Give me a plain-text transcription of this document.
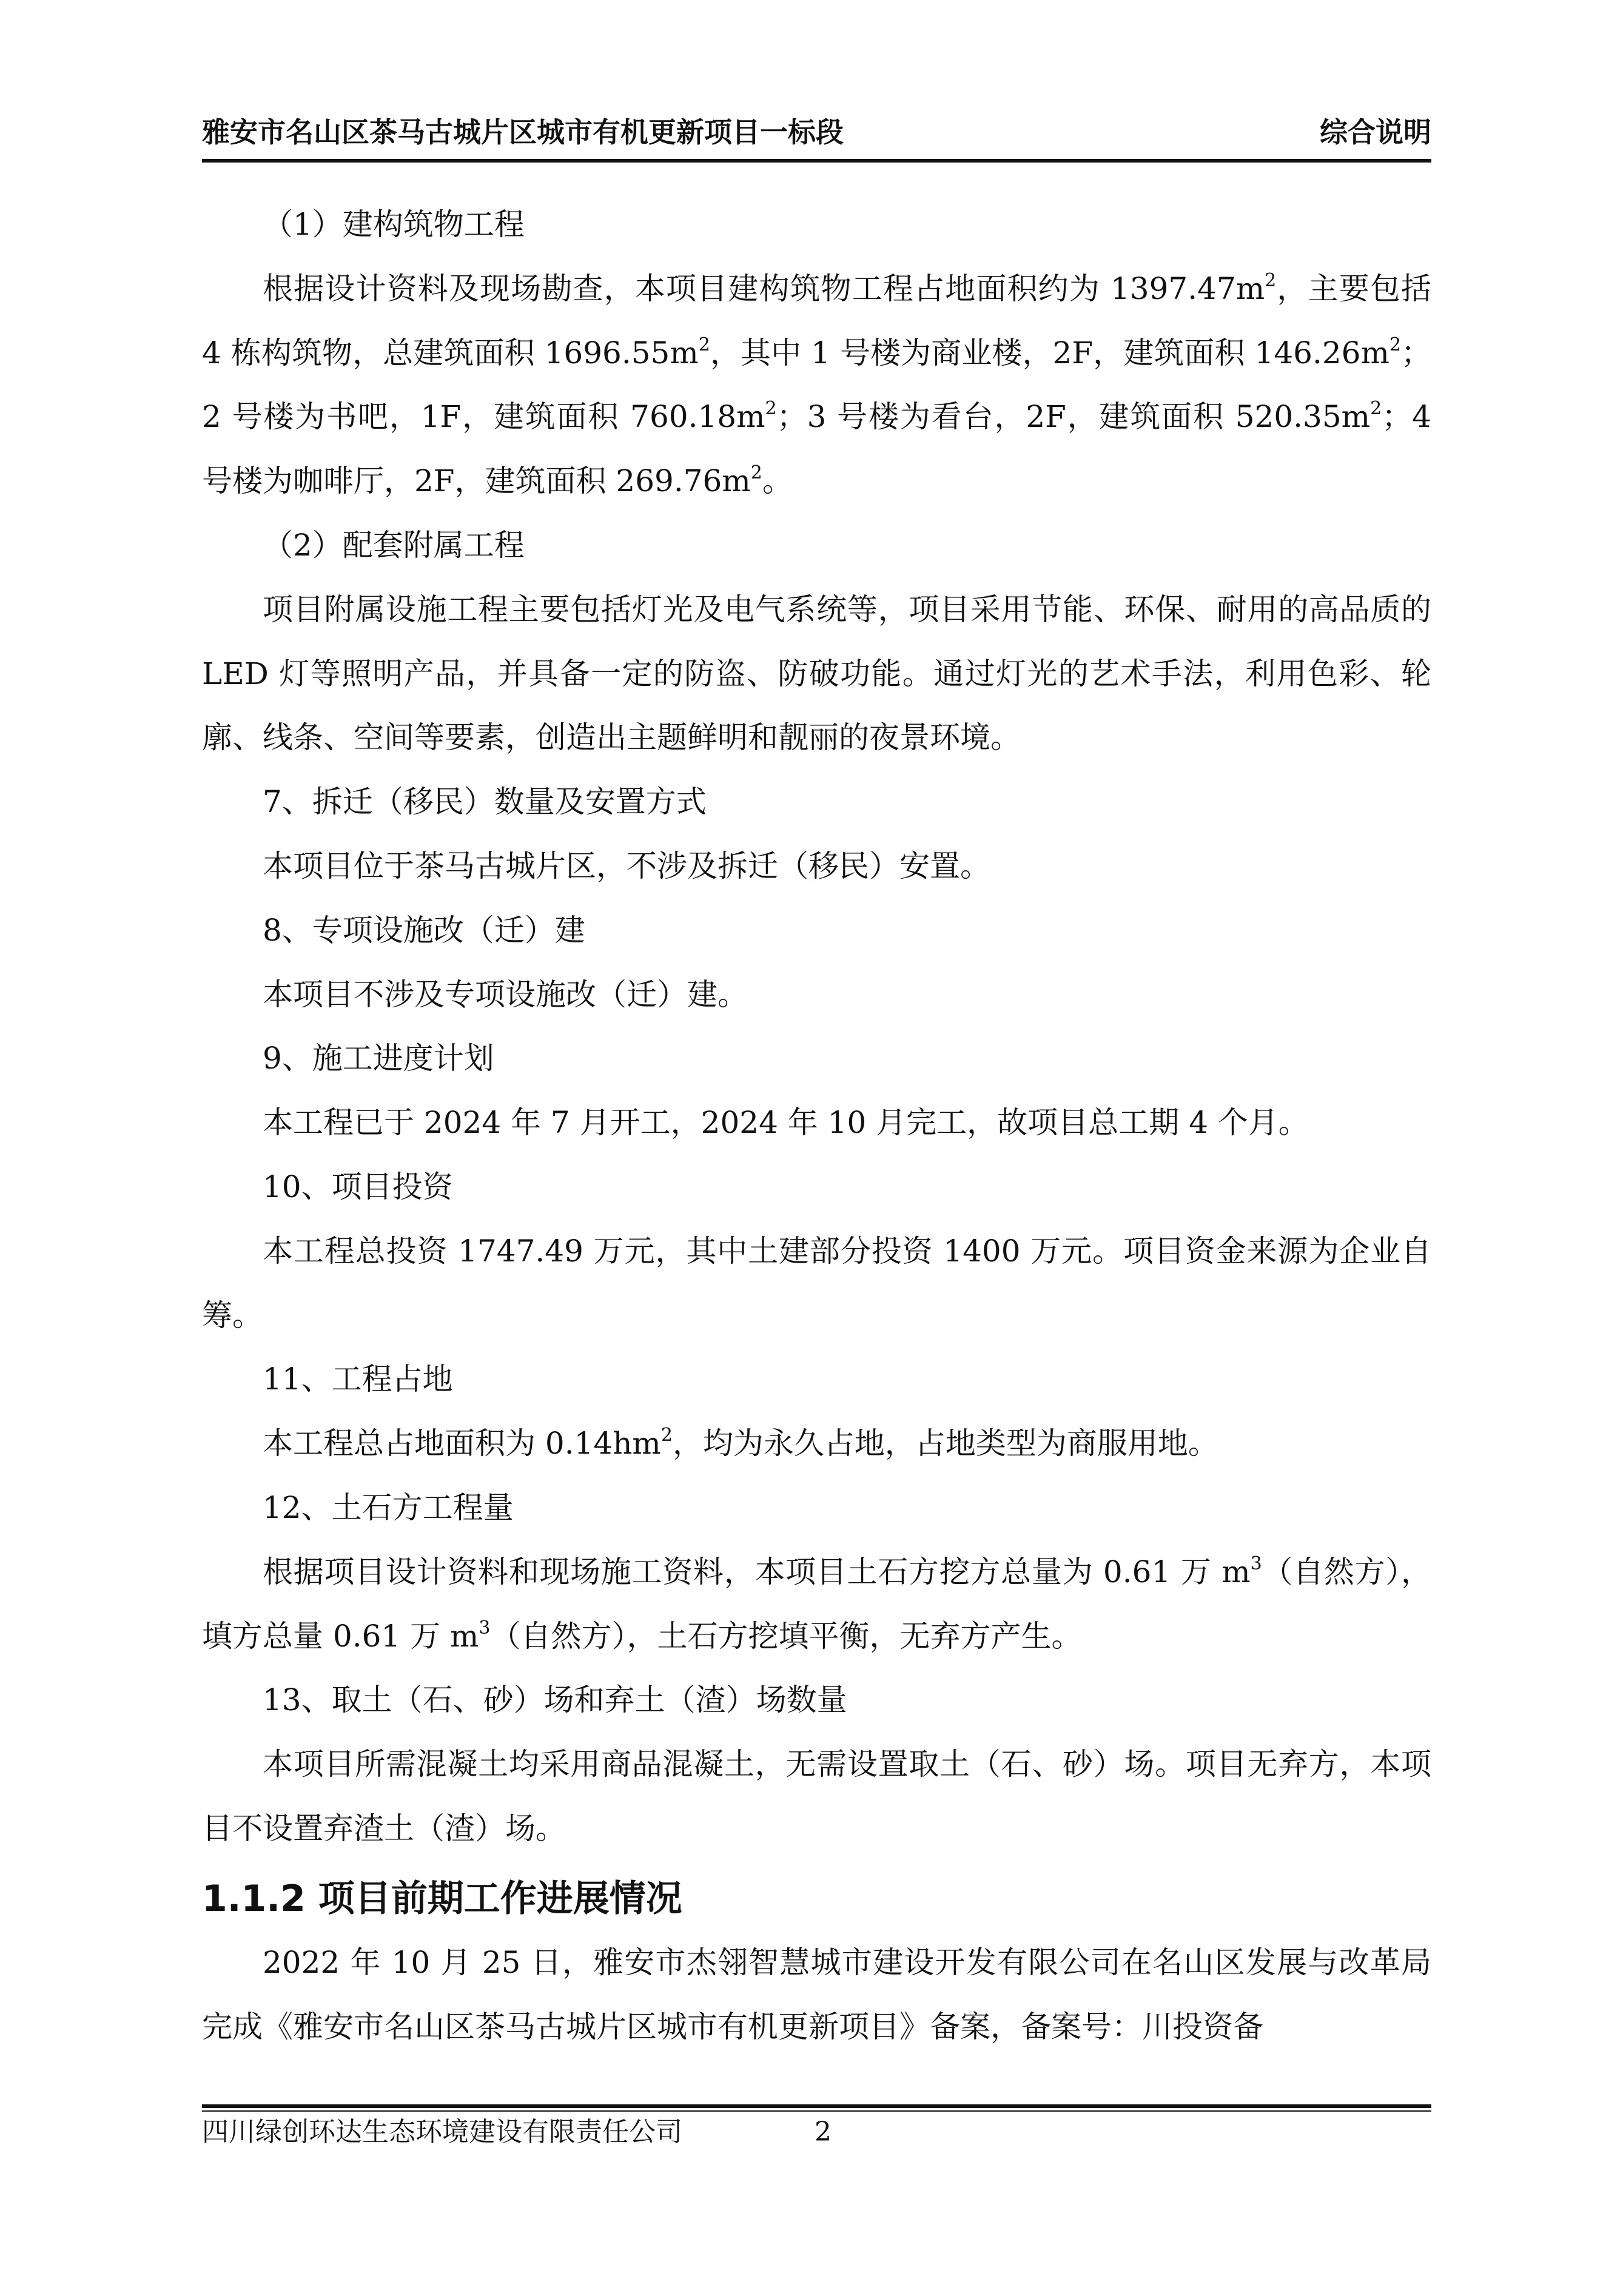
雅安市名山区茶马古城片区城市有机更新项目一标段	综合说明

（1）建构筑物工程

根据设计资料及现场勘查，本项目建构筑物工程占地面积约为 $1397.47m^2$，主要包括 4 栋构筑物，总建筑面积 $1696.55m^2$，其中 1 号楼为商业楼，2F，建筑面积 $146.26m^2$；2 号楼为书吧，1F，建筑面积 $760.18m^2$；3 号楼为看台，2F，建筑面积 $520.35m^2$；4 号楼为咖啡厅，2F，建筑面积 $269.76m^2$。

（2）配套附属工程

项目附属设施工程主要包括灯光及电气系统等，项目采用节能、环保、耐用的高品质的 LED 灯等照明产品，并具备一定的防盗、防破功能。通过灯光的艺术手法，利用色彩、轮廓、线条、空间等要素，创造出主题鲜明和靓丽的夜景环境。

7、拆迁（移民）数量及安置方式

本项目位于茶马古城片区，不涉及拆迁（移民）安置。

8、专项设施改（迁）建

本项目不涉及专项设施改（迁）建。

9、施工进度计划

本工程已于 2024 年 7 月开工，2024 年 10 月完工，故项目总工期 4 个月。

10、项目投资

本工程总投资 1747.49 万元，其中土建部分投资 1400 万元。项目资金来源为企业自筹。

11、工程占地

本工程总占地面积为 $0.14hm^2$，均为永久占地，占地类型为商服用地。

12、土石方工程量

根据项目设计资料和现场施工资料，本项目土石方挖方总量为 0.61 万 $m^3$（自然方），填方总量 0.61 万 $m^3$（自然方），土石方挖填平衡，无弃方产生。

13、取土（石、砂）场和弃土（渣）场数量

本项目所需混凝土均采用商品混凝土，无需设置取土（石、砂）场。项目无弃方，本项目不设置弃渣土（渣）场。

1.1.2 项目前期工作进展情况

2022 年 10 月 25 日，雅安市杰翎智慧城市建设开发有限公司在名山区发展与改革局完成《雅安市名山区茶马古城片区城市有机更新项目》备案，备案号：川投资备

四川绿创环达生态环境建设有限责任公司	2
